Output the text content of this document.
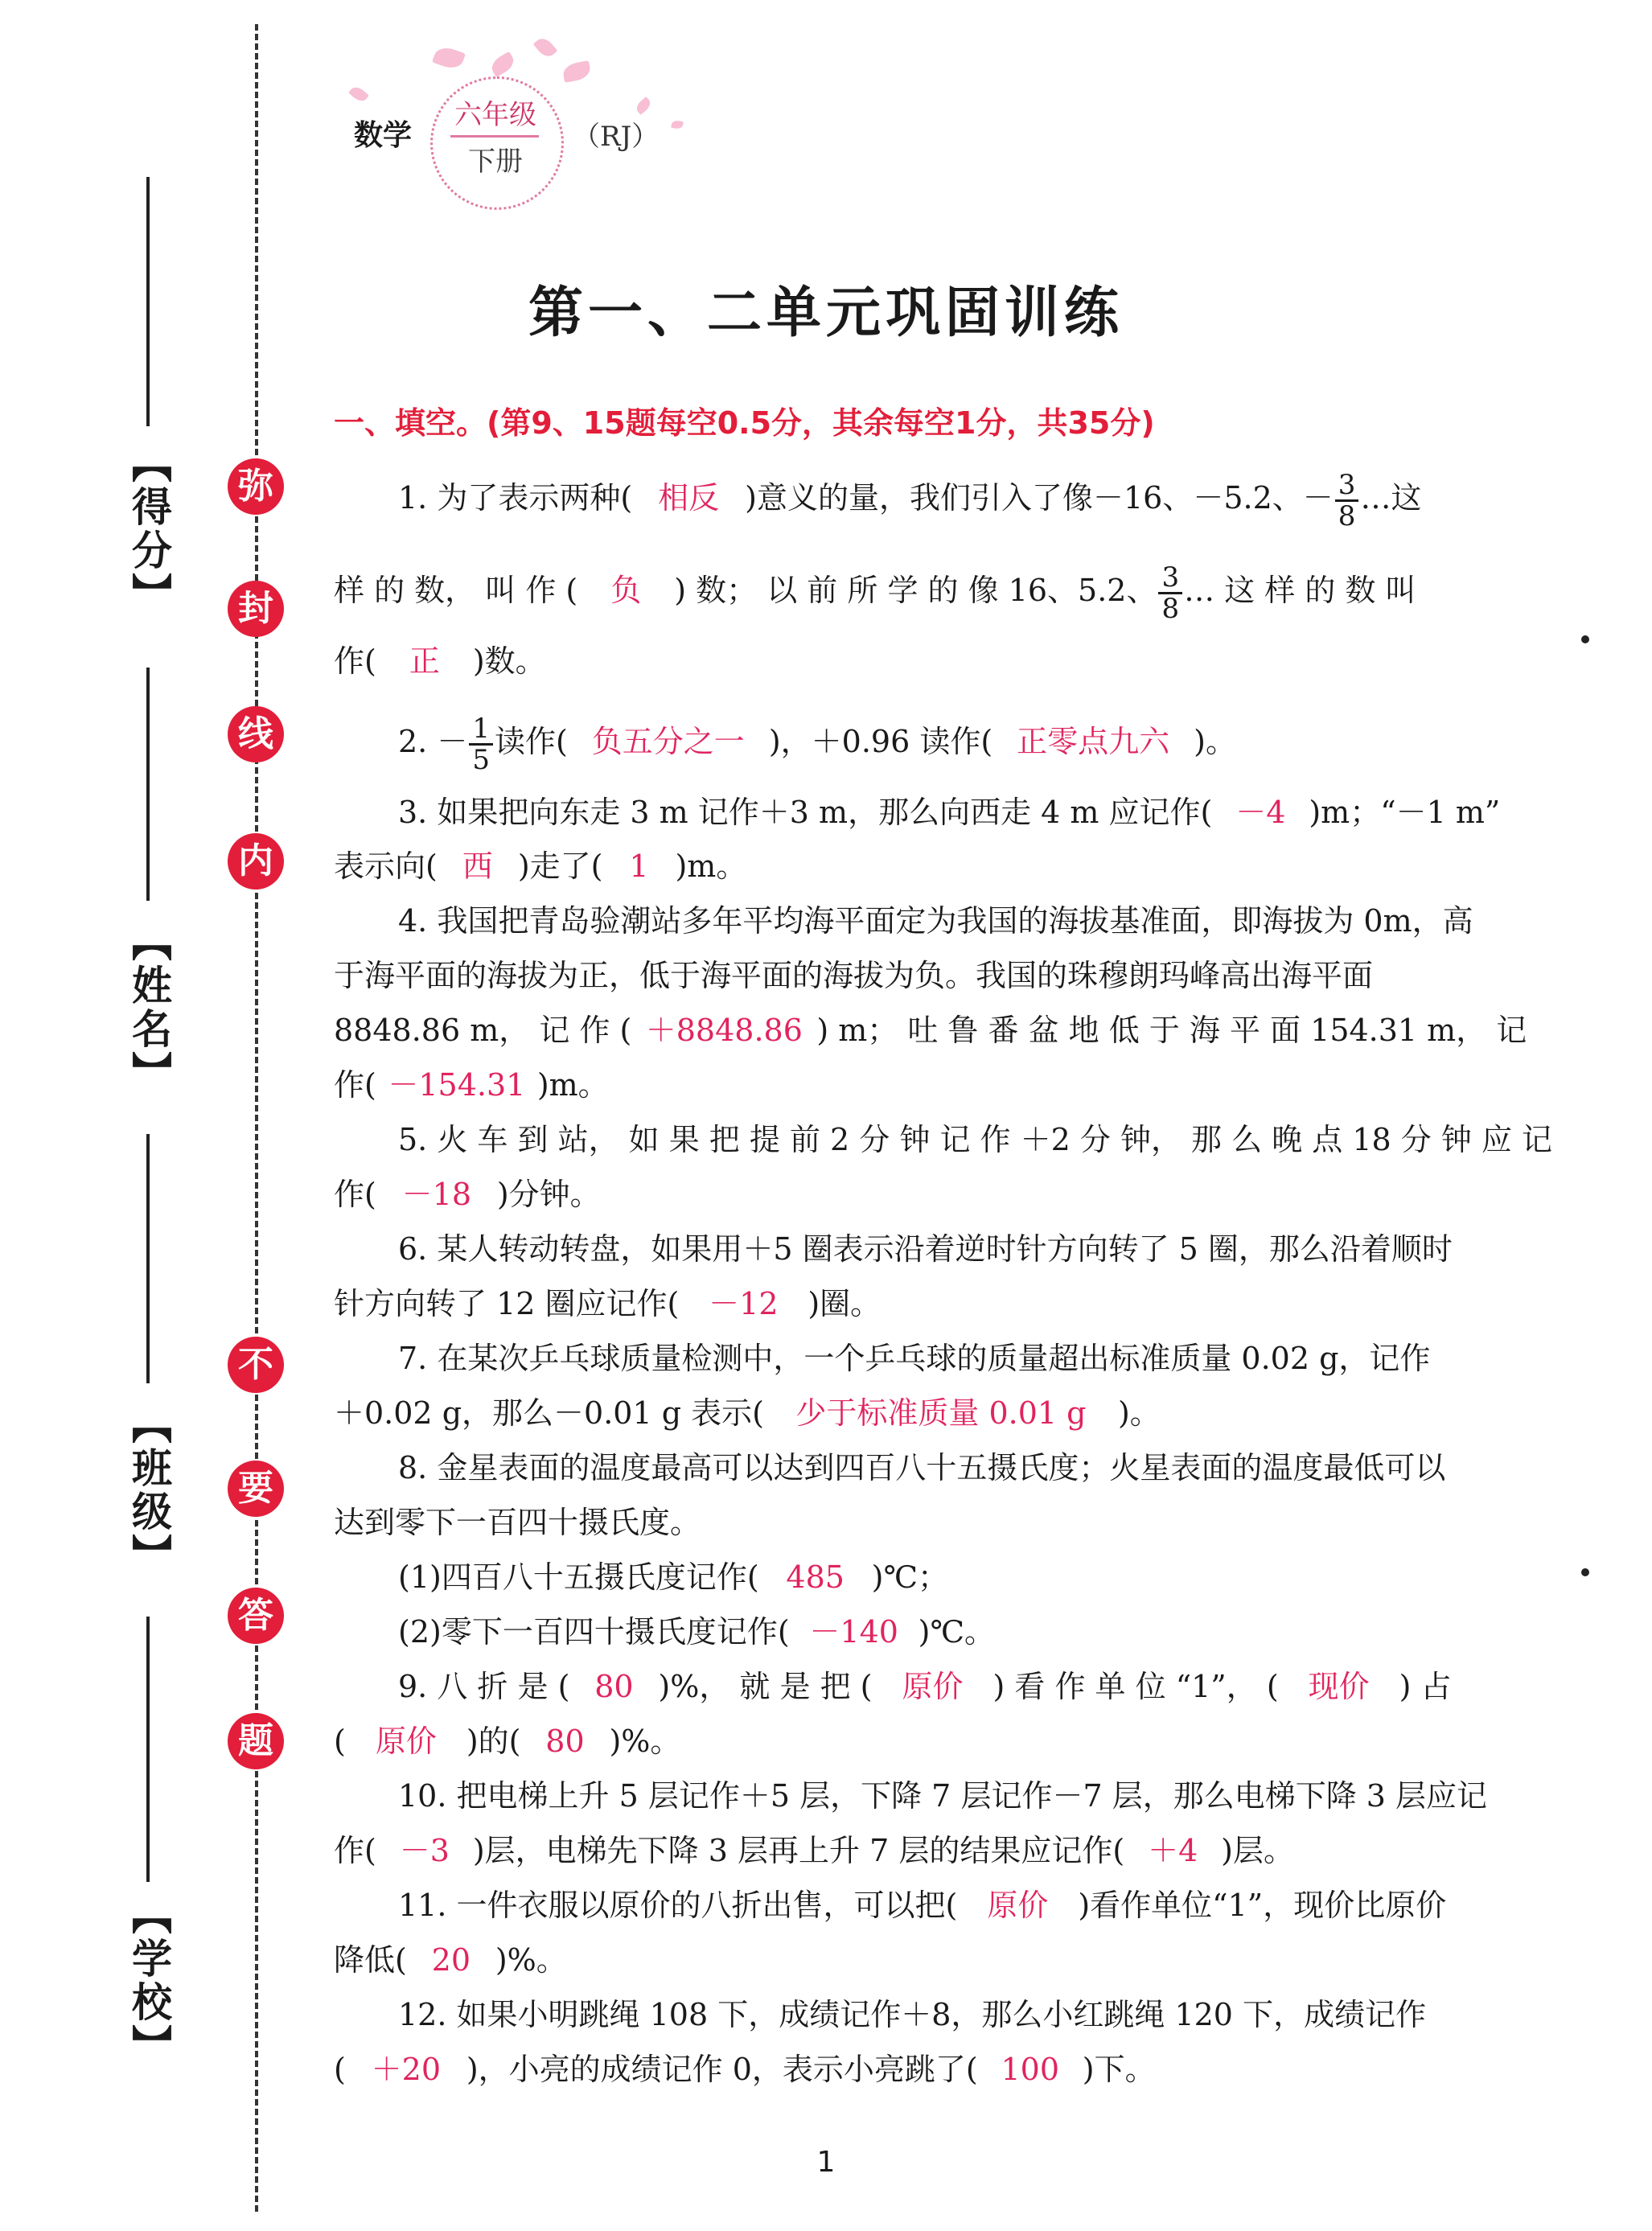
弥
封
线
内
不
要
答
题
【得分】
【姓名】
【班级】
【学校】
数学
六年级
下册
（RJ）
第一、二单元巩固训练
一、填空。(第9、15题每空0.5分，其余每空1分，共35分)
1. 为了表示两种( 相反 )意义的量，我们引入了像－16、－5.2、－ $\frac{3}{8}$ …这
样 的 数， 叫 作 ( 负 ) 数； 以 前 所 学 的 像 16、5.2、 $\frac{3}{8}$ … 这 样 的 数 叫
作( 正 )数。
2. － $\frac{1}{5}$ 读作( 负五分之一 )，＋0.96 读作( 正零点九六 )。
3. 如果把向东走 3 m 记作＋3 m，那么向西走 4 m 应记作( －4 )m；“－1 m”
表示向( 西 )走了( 1 )m。
4. 我国把青岛验潮站多年平均海平面定为我国的海拔基准面，即海拔为 0m，高
于海平面的海拔为正，低于海平面的海拔为负。我国的珠穆朗玛峰高出海平面
8848.86 m， 记 作 ( ＋8848.86 ) m； 吐 鲁 番 盆 地 低 于 海 平 面 154.31 m， 记
作( －154.31 )m。
5. 火 车 到 站， 如 果 把 提 前 2 分 钟 记 作 ＋2 分 钟， 那 么 晚 点 18 分 钟 应 记
作( －18 )分钟。
6. 某人转动转盘，如果用＋5 圈表示沿着逆时针方向转了 5 圈，那么沿着顺时
针方向转了 12 圈应记作( －12 )圈。
7. 在某次乒乓球质量检测中，一个乒乓球的质量超出标准质量 0.02 g，记作
＋0.02 g，那么－0.01 g 表示( 少于标准质量 0.01 g )。
8. 金星表面的温度最高可以达到四百八十五摄氏度；火星表面的温度最低可以
达到零下一百四十摄氏度。
(1)四百八十五摄氏度记作( 485 )℃；
(2)零下一百四十摄氏度记作( －140 )℃。
9. 八 折 是 ( 80 )%， 就 是 把 ( 原价 ) 看 作 单 位 “1”， ( 现价 ) 占
( 原价 )的( 80 )%。
10. 把电梯上升 5 层记作＋5 层，下降 7 层记作－7 层，那么电梯下降 3 层应记
作( －3 )层，电梯先下降 3 层再上升 7 层的结果应记作( ＋4 )层。
11. 一件衣服以原价的八折出售，可以把( 原价 )看作单位“1”，现价比原价
降低( 20 )%。
12. 如果小明跳绳 108 下，成绩记作＋8，那么小红跳绳 120 下，成绩记作
( ＋20 )，小亮的成绩记作 0，表示小亮跳了( 100 )下。
1
